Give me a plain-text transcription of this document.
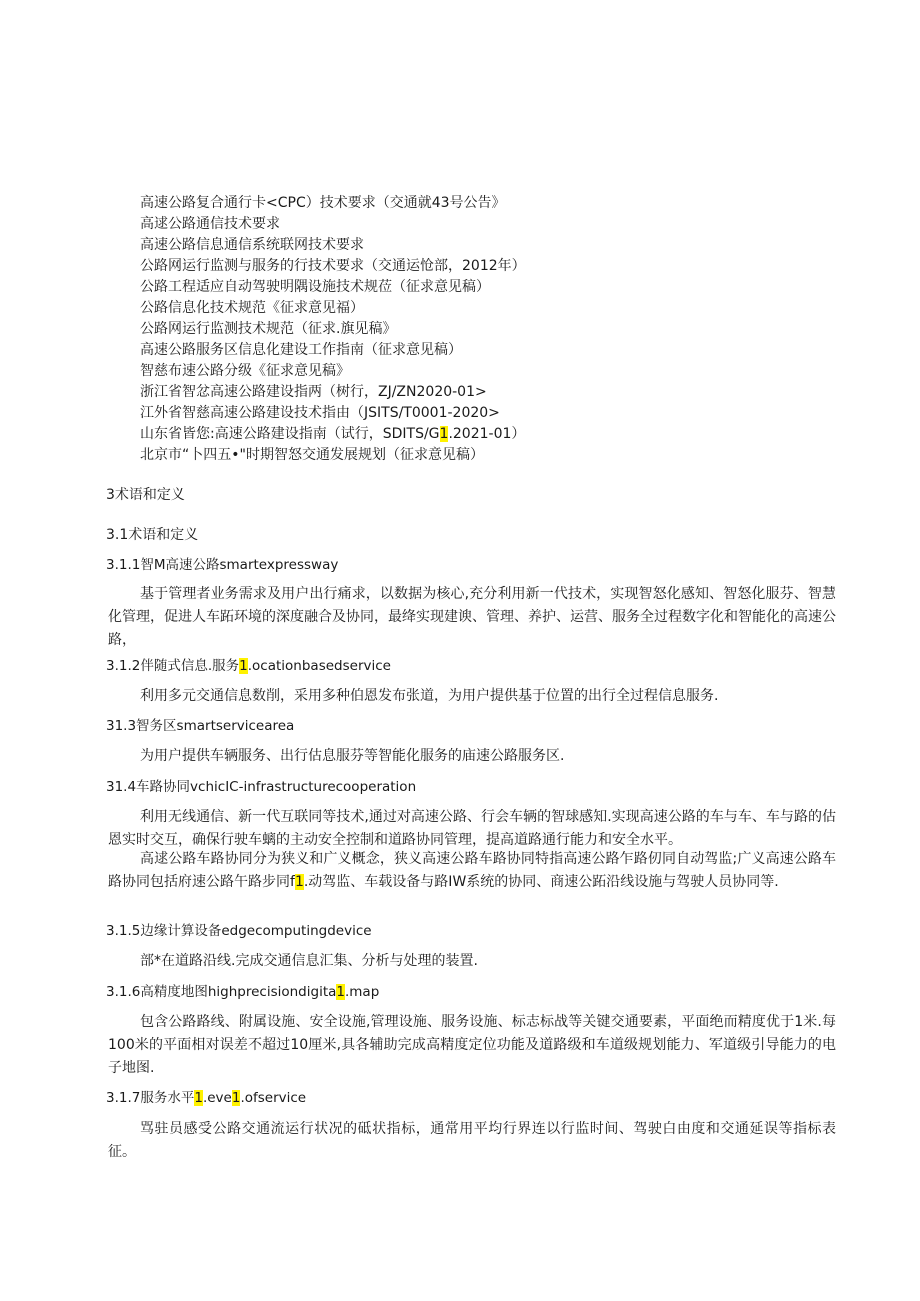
高速公路复合通行卡<CPC）技术要求（交通就43号公告》
高逑公路通信技术要求
高速公路信息通信系统联网技术要求
公路网运行监测与服务的行技术要求（交通运怆部，2012年）
公路工程适应自动驾驶明隅设施技术规莅（征求意见稿）
公路信息化技术规范《征求意见福）
公路网运行监测技术规范（征求.旗见稿》
高速公路服务区信息化建设工作指南（征求意见稿）
智慈布速公路分级《征求意见稿》
浙江省智忿高速公路建设指两（树行，ZJ/ZN2020-01>
江外省智慈高速公路建设技术指由（JSITS/T0001-2020>
山东省皆您:高速公路建设指南（试行，SDITS/G1.2021-01）
北京市“卜四五•"时期智怒交通发展规划（征求意见稿）
3术语和定义
3.1术语和定义
3.1.1智M高速公路smartexpressway
基于管理者业务需求及用户出行痛求，以数据为核心,充分利用新一代技术，实现智怒化感知、智怒化服芬、智慧化管理，促进人车跖环境的深度融合及协同，最绛实现建谀、管理、养护、运营、服务全过程数字化和智能化的高速公路，
3.1.2伴随式信息.服务1.ocationbasedservice
利用多元交通信息数削，采用多种伯恩发布张道，为用户提供基于位置的出行全过程信息服务.
31.3智务区smartservicearea
为用户提供车辆服务、出行估息服芬等智能化服务的庙速公路服务区.
31.4车路协同vchicIC-infrastructurecooperation
利用无线通信、新一代互联同等技术,通过对高速公路、行会车辆的智球感知.实现高速公路的车与车、车与路的估恩实时交互，确保行驶车螭的主动安全控制和道路协同管理，提高道路通行能力和安全水平。
高逑公路车路协同分为狭义和广义概念，狭义高速公路车路协同特指高速公路乍路仞同自动驾监;广义高速公路车路协同包括府速公路午路步同f1.动驾监、车载设备与路IW系统的协同、商速公跖沿线设施与驾驶人员协同等.
3.1.5边缘计算设备edgecomputingdevice
部*在道路沿线.完成交通信息汇集、分析与处理的装置.
3.1.6高精度地图highprecisiondigita1.map
包含公路路线、附属设施、安全设施,管理设施、服务设施、标志标战等关键交通要素，平面绝而精度优于1米.每100米的平面相对误差不超过10厘米,具各辅助完成高精度定位功能及道路级和车道级规划能力、军道级引导能力的电子地图.
3.1.7服务水平1.eve1.ofservice
骂驻员感受公路交通流运行状况的砥状指标，通常用平均行界连以行监时间、驾驶白由度和交通延误等指标表征。
